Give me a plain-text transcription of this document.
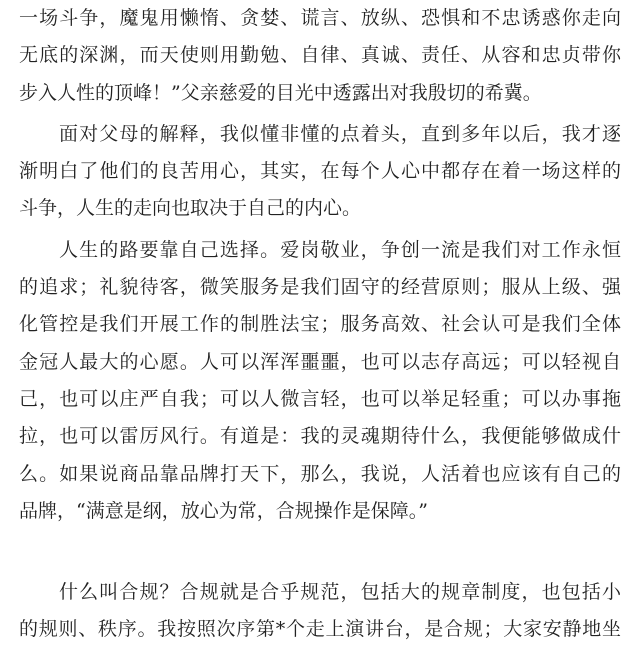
一场斗争，魔鬼用懒惰、贪婪、谎言、放纵、恐惧和不忠诱惑你走向
无底的深渊，而天使则用勤勉、自律、真诚、责任、从容和忠贞带你
步入人性的顶峰！”父亲慈爱的目光中透露出对我殷切的希冀。
面对父母的解释，我似懂非懂的点着头，直到多年以后，我才逐
渐明白了他们的良苦用心，其实，在每个人心中都存在着一场这样的
斗争，人生的走向也取决于自己的内心。
人生的路要靠自己选择。爱岗敬业，争创一流是我们对工作永恒
的追求；礼貌待客，微笑服务是我们固守的经营原则；服从上级、强
化管控是我们开展工作的制胜法宝；服务高效、社会认可是我们全体
金冠人最大的心愿。人可以浑浑噩噩，也可以志存高远；可以轻视自
己，也可以庄严自我；可以人微言轻，也可以举足轻重；可以办事拖
拉，也可以雷厉风行。有道是：我的灵魂期待什么，我便能够做成什
么。如果说商品靠品牌打天下，那么，我说，人活着也应该有自己的
品牌，“满意是纲，放心为常，合规操作是保障。”
什么叫合规？合规就是合乎规范，包括大的规章制度，也包括小
的规则、秩序。我按照次序第*个走上演讲台，是合规；大家安静地坐
